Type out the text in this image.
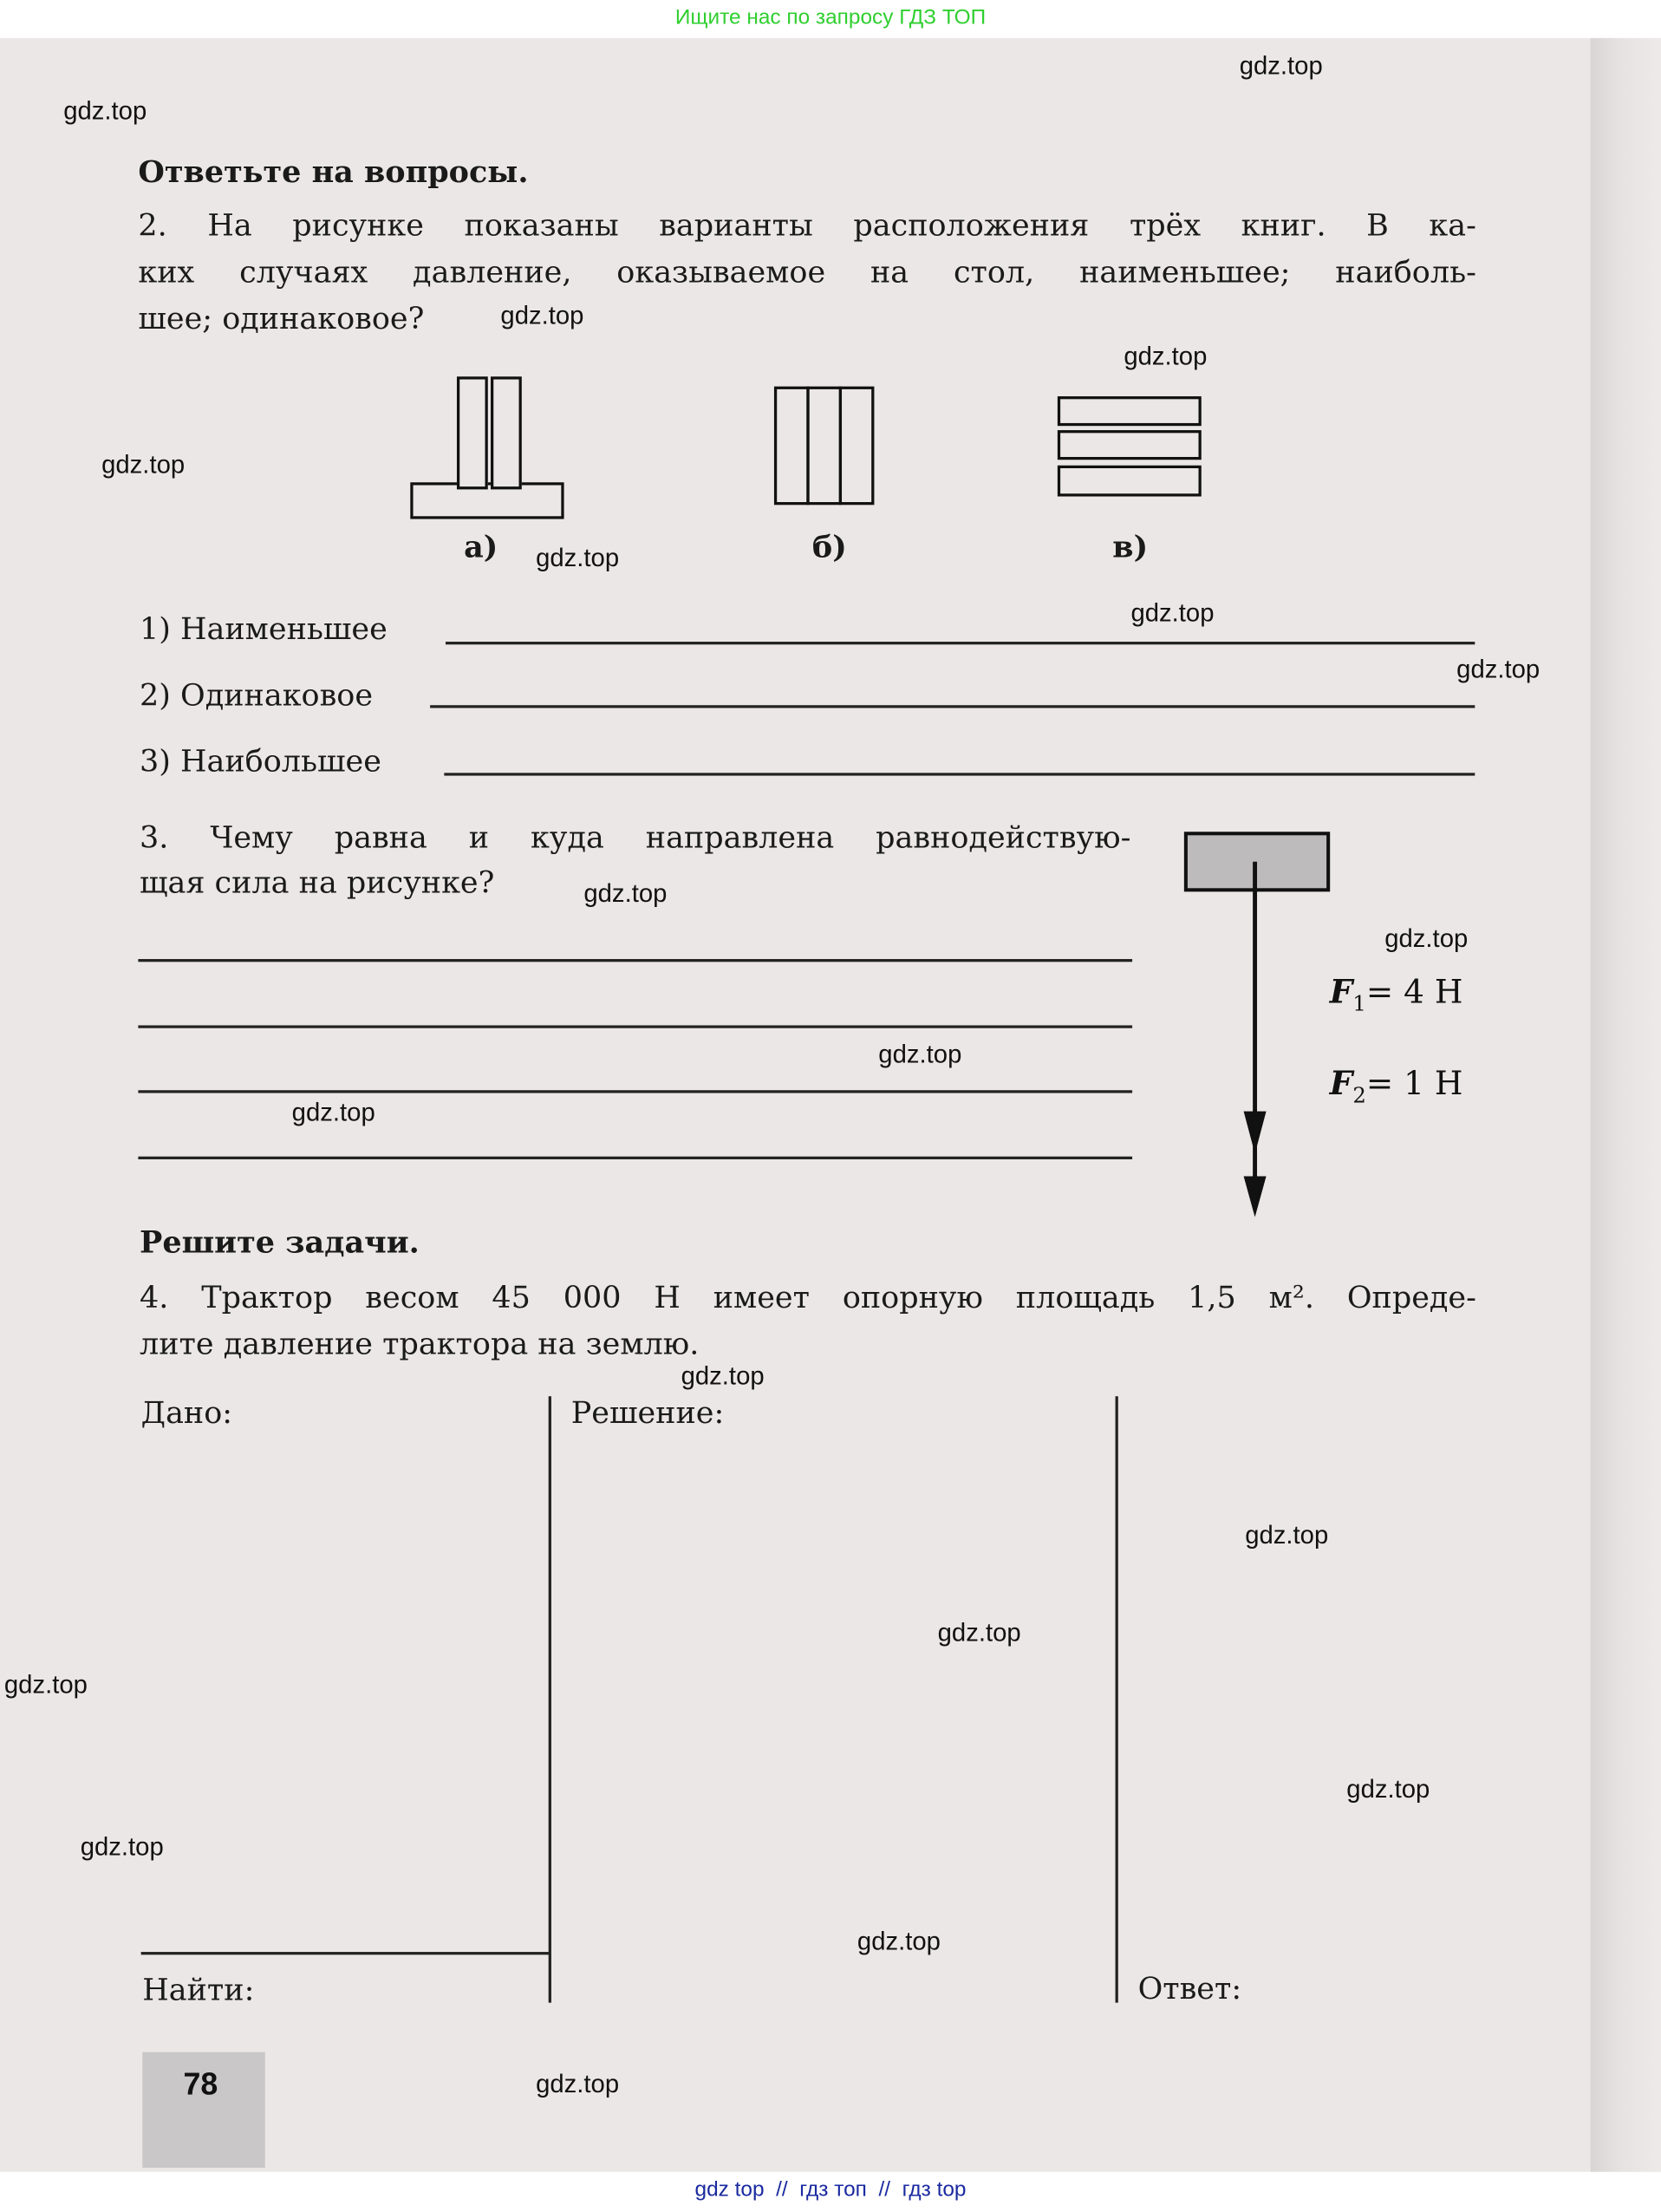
Ищите нас по запросу ГДЗ ТОП
Ответьте на вопросы.
2. На рисунке показаны варианты расположения трёх книг. В ка-
ких случаях давление, оказываемое на стол, наименьшее; наиболь-
шее; одинаковое?
а)	б)	в)
1) Наименьшее
2) Одинаковое
3) Наибольшее
3. Чему равна и куда направлена равнодействую-
щая сила на рисунке?
$F_1= 4$ Н
$F_2= 1$ Н
Решите задачи.
4. Трактор весом 45 000 Н имеет опорную площадь 1,5 м². Опреде-
лите давление трактора на землю.
Дано:	Решение:
Найти:	Ответ:
78
gdz.top
gdz.top
gdz.top
gdz.top
gdz.top
gdz.top
gdz.top
gdz.top
gdz.top
gdz.top
gdz.top
gdz.top
gdz.top
gdz.top
gdz.top
gdz.top
gdz.top
gdz.top
gdz.top
gdz.top
gdz top  //  гдз топ  //  гдз top
